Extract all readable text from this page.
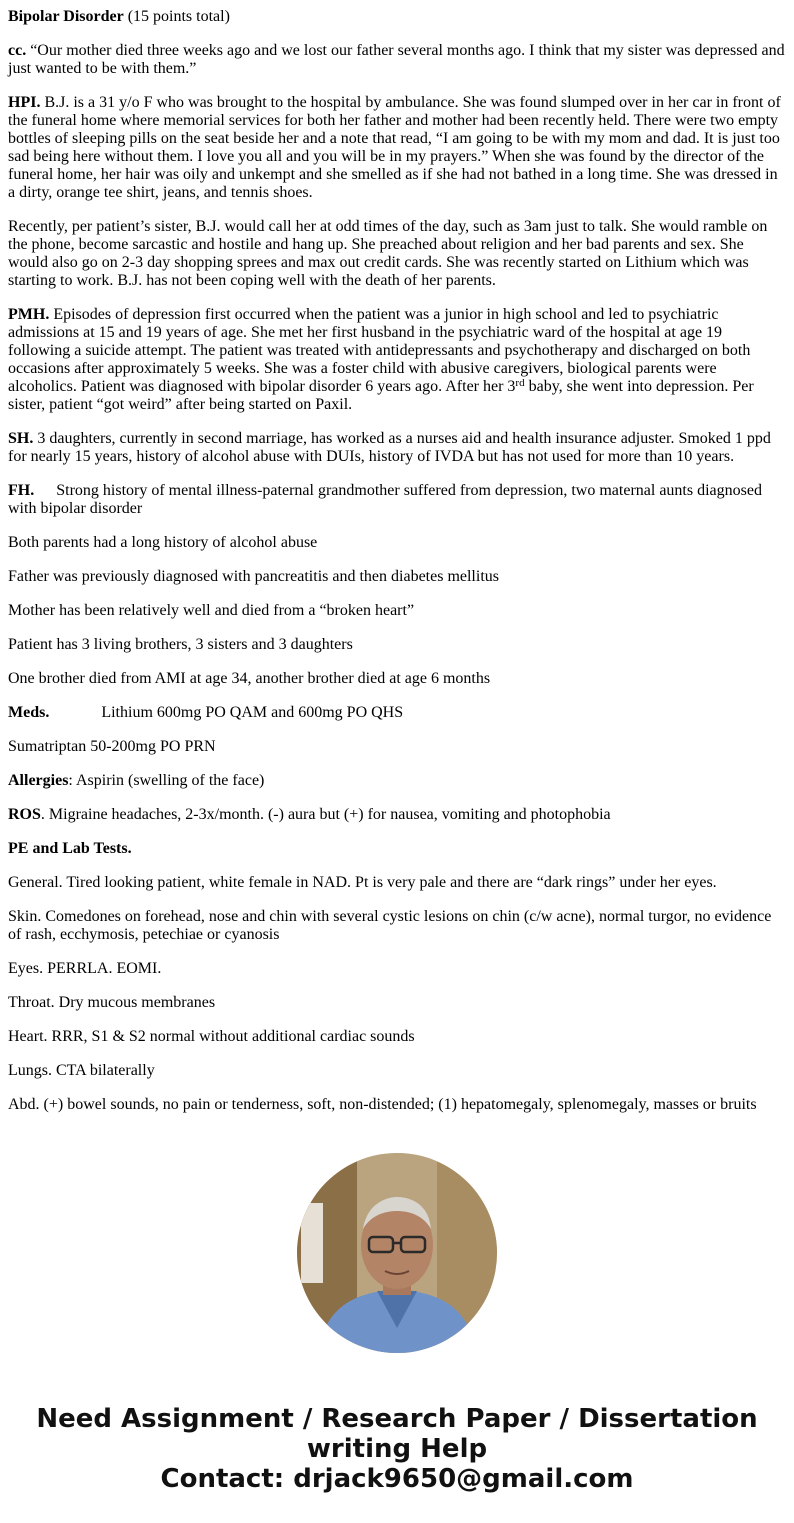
Bipolar Disorder (15 points total)

cc. “Our mother died three weeks ago and we lost our father several months ago. I think that my sister was depressed and just wanted to be with them.”

HPI. B.J. is a 31 y/o F who was brought to the hospital by ambulance. She was found slumped over in her car in front of the funeral home where memorial services for both her father and mother had been recently held. There were two empty bottles of sleeping pills on the seat beside her and a note that read, “I am going to be with my mom and dad. It is just too sad being here without them. I love you all and you will be in my prayers.” When she was found by the director of the funeral home, her hair was oily and unkempt and she smelled as if she had not bathed in a long time. She was dressed in a dirty, orange tee shirt, jeans, and tennis shoes.

Recently, per patient’s sister, B.J. would call her at odd times of the day, such as 3am just to talk. She would ramble on the phone, become sarcastic and hostile and hang up. She preached about religion and her bad parents and sex. She would also go on 2-3 day shopping sprees and max out credit cards. She was recently started on Lithium which was starting to work. B.J. has not been coping well with the death of her parents.

PMH. Episodes of depression first occurred when the patient was a junior in high school and led to psychiatric admissions at 15 and 19 years of age. She met her first husband in the psychiatric ward of the hospital at age 19 following a suicide attempt. The patient was treated with antidepressants and psychotherapy and discharged on both occasions after approximately 5 weeks. She was a foster child with abusive caregivers, biological parents were alcoholics. Patient was diagnosed with bipolar disorder 6 years ago. After her 3rd baby, she went into depression. Per sister, patient “got weird” after being started on Paxil.

SH. 3 daughters, currently in second marriage, has worked as a nurses aid and health insurance adjuster. Smoked 1 ppd for nearly 15 years, history of alcohol abuse with DUIs, history of IVDA but has not used for more than 10 years.

FH. Strong history of mental illness-paternal grandmother suffered from depression, two maternal aunts diagnosed with bipolar disorder

Both parents had a long history of alcohol abuse

Father was previously diagnosed with pancreatitis and then diabetes mellitus

Mother has been relatively well and died from a “broken heart”

Patient has 3 living brothers, 3 sisters and 3 daughters

One brother died from AMI at age 34, another brother died at age 6 months

Meds.	Lithium 600mg PO QAM and 600mg PO QHS

Sumatriptan 50-200mg PO PRN

Allergies: Aspirin (swelling of the face)

ROS. Migraine headaches, 2-3x/month. (-) aura but (+) for nausea, vomiting and photophobia

PE and Lab Tests.

General. Tired looking patient, white female in NAD. Pt is very pale and there are “dark rings” under her eyes.

Skin. Comedones on forehead, nose and chin with several cystic lesions on chin (c/w acne), normal turgor, no evidence of rash, ecchymosis, petechiae or cyanosis

Eyes. PERRLA. EOMI.

Throat. Dry mucous membranes

Heart. RRR, S1 & S2 normal without additional cardiac sounds

Lungs. CTA bilaterally

Abd. (+) bowel sounds, no pain or tenderness, soft, non-distended; (1) hepatomegaly, splenomegaly, masses or bruits

Need Assignment / Research Paper / Dissertation writing Help
Contact: drjack9650@gmail.com
